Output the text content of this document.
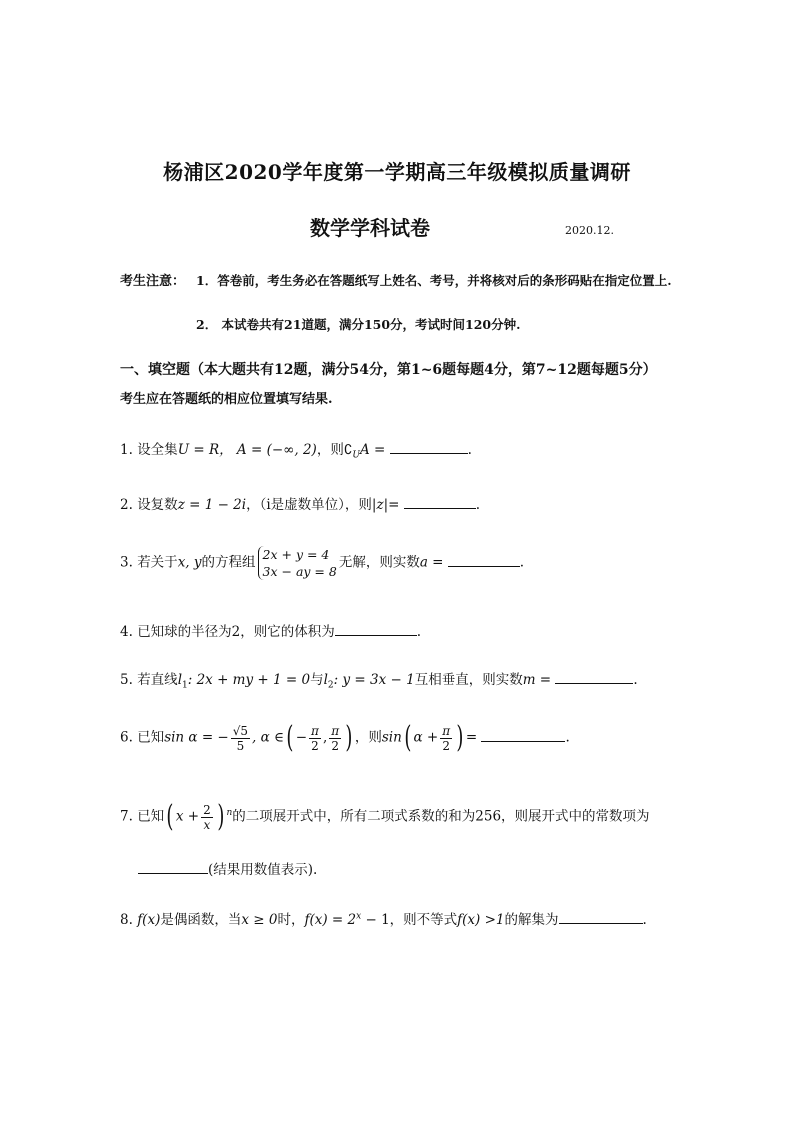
杨浦区2020学年度第一学期高三年级模拟质量调研
数学学科试卷	2020.12.
考生注意： 1．答卷前，考生务必在答题纸写上姓名、考号，并将核对后的条形码贴在指定位置上.
2． 本试卷共有21道题，满分150分，考试时间120分钟.
一、填空题（本大题共有12题，满分54分，第1~6题每题4分，第7~12题每题5分）
考生应在答题纸的相应位置填写结果.
1. 设全集U = R， A = (−∞, 2)，则$∁_UA$ =	.
2. 设复数z = 1 − 2i，（i是虚数单位），则|z|=	.
3. 若关于x, y的方程组 2x + y = 4
3x − ay = 8
无解，则实数a =	.
4. 已知球的半径为2，则它的体积为	.
5. 若直线$l_1$: 2x + my + 1 = 0与$l_2$: y = 3x − 1互相垂直，则实数m =	.
6. 已知sin α = − $\frac{√5}{5}$ , α ∈( − $\frac{\pi}{2}$ , $\frac{\pi}{2}$ ) ，则sin( $\alpha + \frac{\pi}{2}$ ) =	.
7. 已知( $x + \frac{2}{x}$ ) $^n$的二项展开式中，所有二项式系数的和为256，则展开式中的常数项为
(结果用数值表示).
8. f(x)是偶函数，当x ≥ 0时，$f(x) = 2^x - 1$，则不等式f(x) >1的解集为	.
